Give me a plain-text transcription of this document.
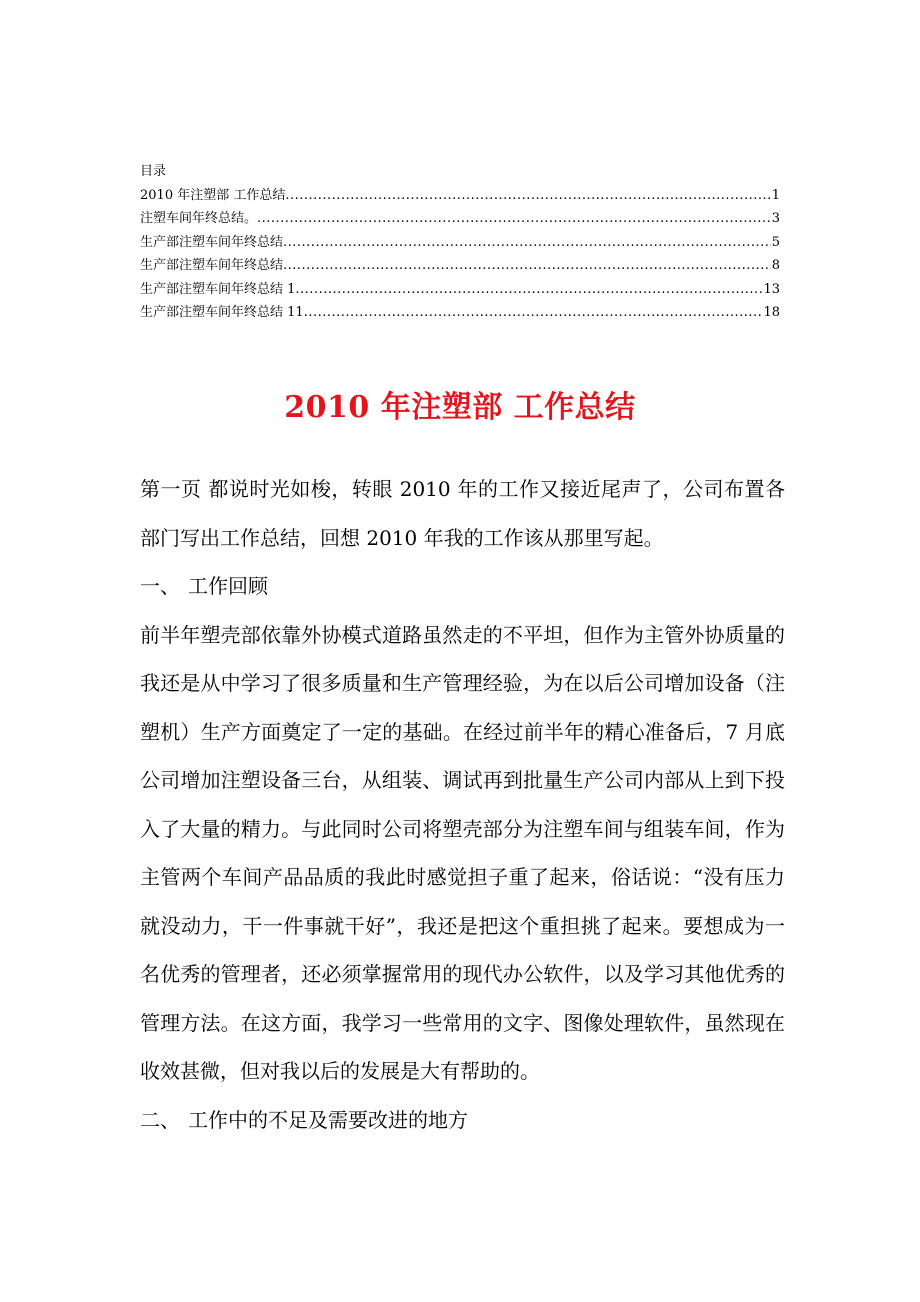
目录
2010 年注塑部 工作总结 .....	1
注塑车间年终总结。 .....	3
生产部注塑车间年终总结 .....	5
生产部注塑车间年终总结 .....	8
生产部注塑车间年终总结 1 .....	13
生产部注塑车间年终总结 11 .....	18
2010 年注塑部 工作总结

第一页 都说时光如梭，转眼 2010 年的工作又接近尾声了，公司布置各部门写出工作总结，回想 2010 年我的工作该从那里写起。

一、 工作回顾

前半年塑壳部依靠外协模式道路虽然走的不平坦，但作为主管外协质量的我还是从中学习了很多质量和生产管理经验，为在以后公司增加设备（注塑机）生产方面奠定了一定的基础。在经过前半年的精心准备后，7 月底公司增加注塑设备三台，从组装、调试再到批量生产公司内部从上到下投入了大量的精力。与此同时公司将塑壳部分为注塑车间与组装车间，作为主管两个车间产品品质的我此时感觉担子重了起来，俗话说：“没有压力就没动力，干一件事就干好”，我还是把这个重担挑了起来。要想成为一名优秀的管理者，还必须掌握常用的现代办公软件，以及学习其他优秀的管理方法。在这方面，我学习一些常用的文字、图像处理软件，虽然现在收效甚微，但对我以后的发展是大有帮助的。

二、 工作中的不足及需要改进的地方
